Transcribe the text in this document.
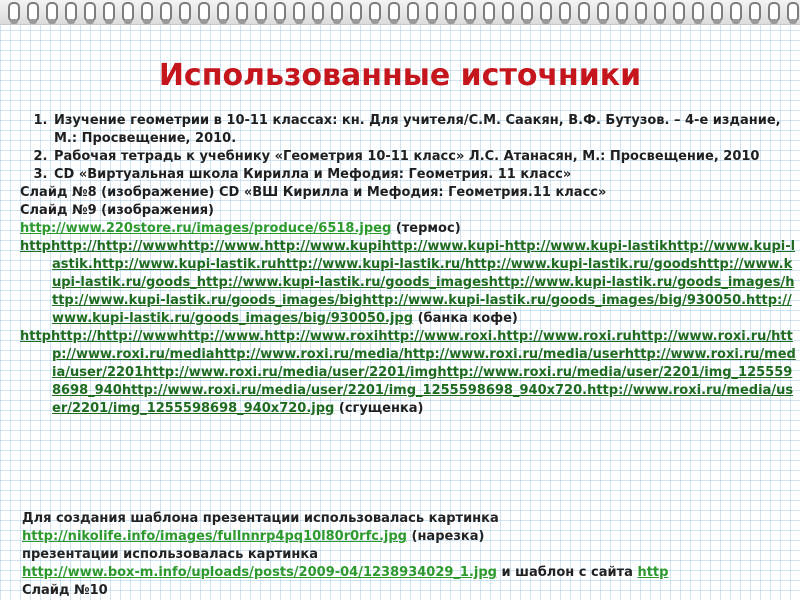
Использованные источники
1. Изучение геометрии в 10-11 классах: кн. Для учителя/С.М. Саакян, В.Ф. Бутузов. – 4-е издание, М.: Просвещение, 2010.
2. Рабочая тетрадь к учебнику «Геометрия 10-11 класс» Л.С. Атанасян, М.: Просвещение, 2010
3. CD «Виртуальная школа Кирилла и Мефодия: Геометрия. 11 класс»

Слайд №8 (изображение) CD «ВШ Кирилла и Мефодия: Геометрия.11 класс»

Слайд №9 (изображения)

http://www.220store.ru/images/produce/6518.jpeg (термос)

httphttp://http://wwwhttp://www.http://www.kupihttp://www.kupi-http://www.kupi-lastikhttp://www.kupi-lastik.http://www.kupi-lastik.ruhttp://www.kupi-lastik.ru/http://www.kupi-lastik.ru/goodshttp://www.kupi-lastik.ru/goods_http://www.kupi-lastik.ru/goods_imageshttp://www.kupi-lastik.ru/goods_images/http://www.kupi-lastik.ru/goods_images/bighttp://www.kupi-lastik.ru/goods_images/big/930050.http://www.kupi-lastik.ru/goods_images/big/930050.jpg (банка кофе)

httphttp://http://wwwhttp://www.http://www.roxihttp://www.roxi.http://www.roxi.ruhttp://www.roxi.ru/http://www.roxi.ru/mediahttp://www.roxi.ru/media/http://www.roxi.ru/media/userhttp://www.roxi.ru/media/user/2201http://www.roxi.ru/media/user/2201/imghttp://www.roxi.ru/media/user/2201/img_1255598698_940http://www.roxi.ru/media/user/2201/img_1255598698_940x720.http://www.roxi.ru/media/user/2201/img_1255598698_940x720.jpg (сгущенка)

Для создания шаблона презентации использовалась картинка

http://nikolife.info/images/fullnnrp4pq10l80r0rfc.jpg (нарезка)

презентации использовалась картинка

http://www.box-m.info/uploads/posts/2009-04/1238934029_1.jpg и шаблон с сайта http

Слайд №10
